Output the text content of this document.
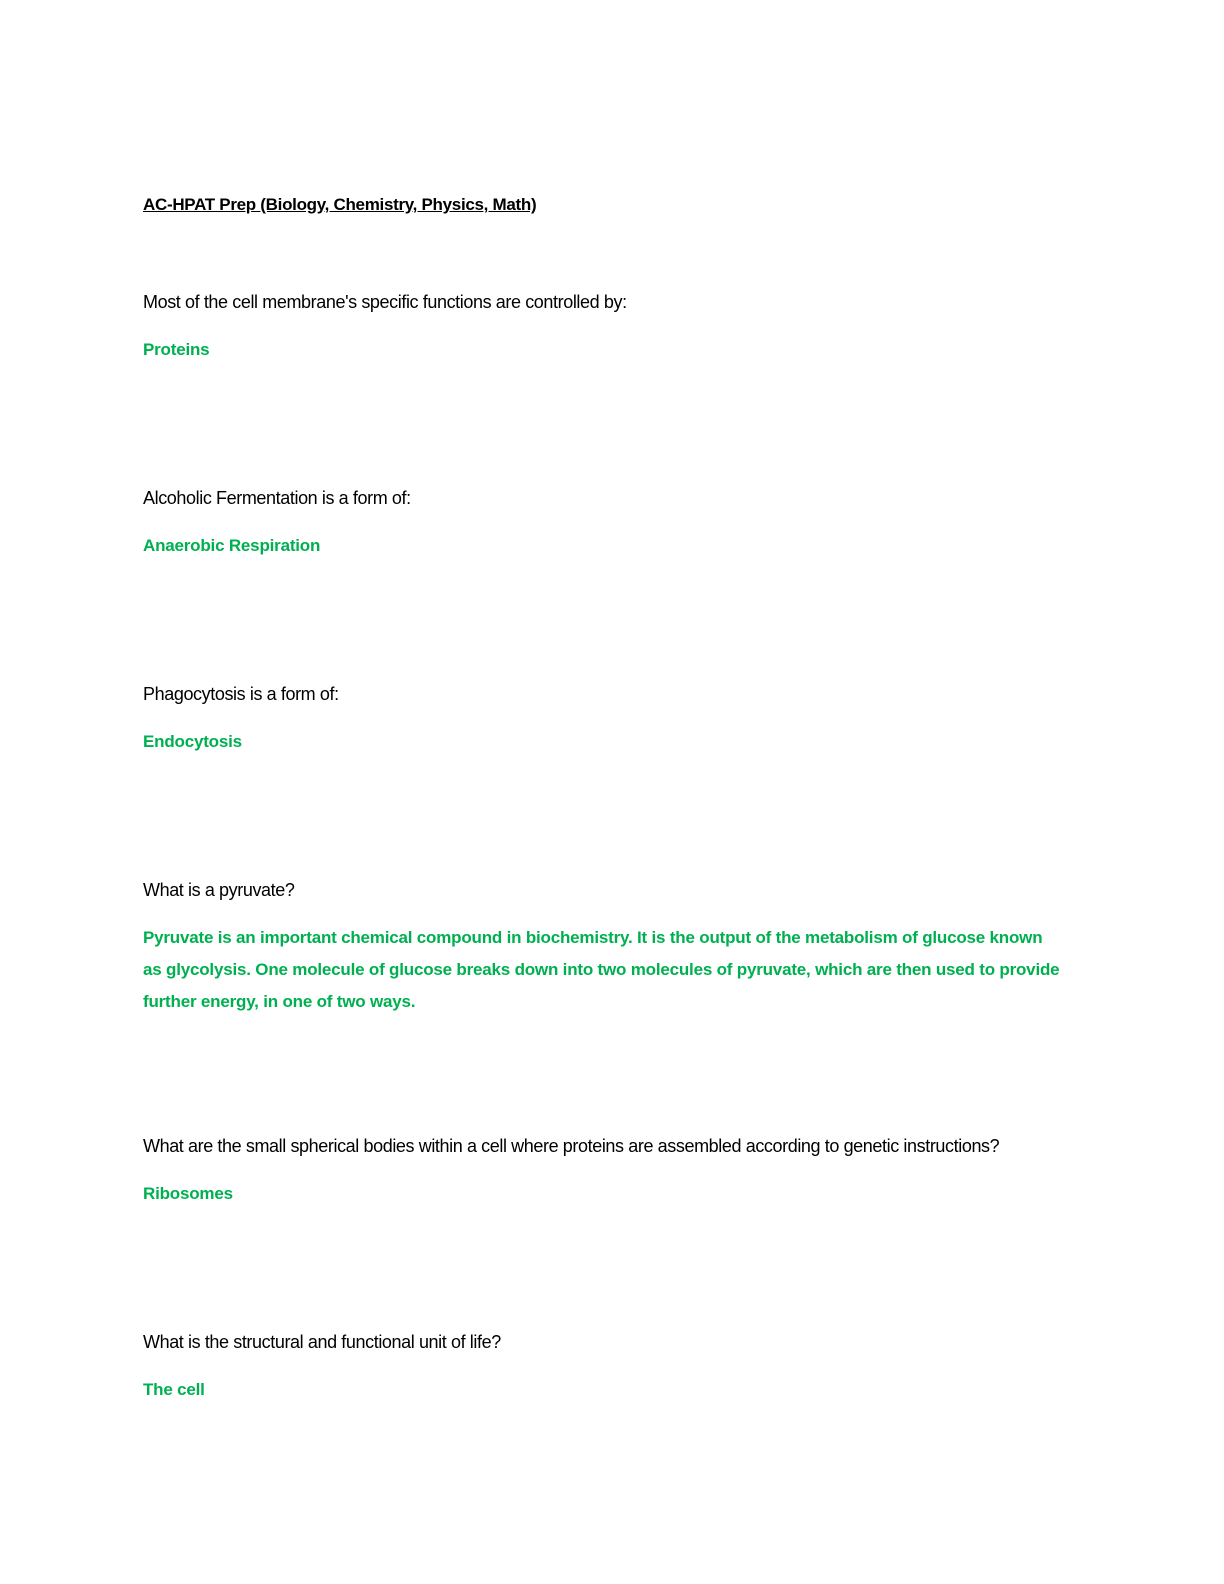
AC-HPAT Prep (Biology, Chemistry, Physics, Math)
Most of the cell membrane's specific functions are controlled by:
Proteins
Alcoholic Fermentation is a form of:
Anaerobic Respiration
Phagocytosis is a form of:
Endocytosis
What is a pyruvate?
Pyruvate is an important chemical compound in biochemistry. It is the output of the metabolism of glucose known as glycolysis. One molecule of glucose breaks down into two molecules of pyruvate, which are then used to provide further energy, in one of two ways.
What are the small spherical bodies within a cell where proteins are assembled according to genetic instructions?
Ribosomes
What is the structural and functional unit of life?
The cell
